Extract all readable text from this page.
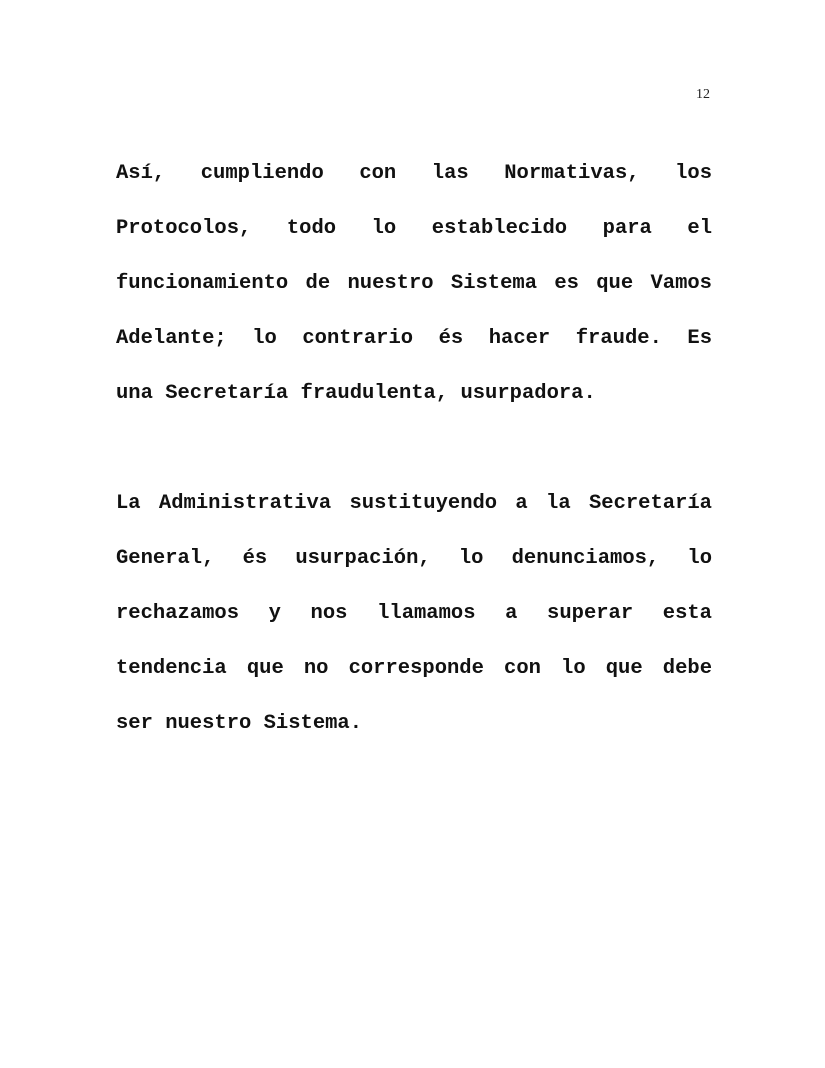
12
Así, cumpliendo con las Normativas, los
Protocolos, todo lo establecido para el
funcionamiento de nuestro Sistema es que Vamos
Adelante; lo contrario és hacer fraude. Es
una Secretaría fraudulenta, usurpadora.
La Administrativa sustituyendo a la Secretaría
General, és usurpación, lo denunciamos, lo
rechazamos y nos llamamos a superar esta
tendencia que no corresponde con lo que debe
ser nuestro Sistema.
